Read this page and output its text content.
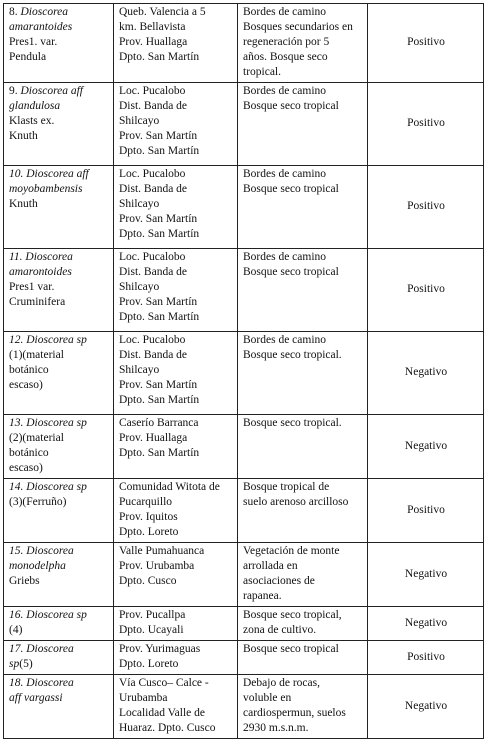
8. Dioscorea
amarantoides
Pres1. var.
Pendula	Queb. Valencia a 5
km. Bellavista
Prov. Huallaga
Dpto. San Martín	Bordes de camino
Bosques secundarios en
regeneración por 5
años. Bosque seco
tropical.	Positivo

9. Dioscorea aff
glandulosa
Klasts ex.
Knuth	Loc. Pucalobo
Dist. Banda de
Shilcayo
Prov. San Martín
Dpto. San Martín	Bordes de camino
Bosque seco tropical	Positivo

10. Dioscorea aff
moyobambensis
Knuth	Loc. Pucalobo
Dist. Banda de
Shilcayo
Prov. San Martín
Dpto. San Martín	Bordes de camino
Bosque seco tropical	Positivo

11. Dioscorea
amarontoides
Pres1 var.
Cruminifera	Loc. Pucalobo
Dist. Banda de
Shilcayo
Prov. San Martín
Dpto. San Martín	Bordes de camino
Bosque seco tropical	Positivo

12. Dioscorea sp
(1)(material
botánico
escaso)	Loc. Pucalobo
Dist. Banda de
Shilcayo
Prov. San Martín
Dpto. San Martín	Bordes de camino
Bosque seco tropical.	Negativo

13. Dioscorea sp
(2)(material
botánico
escaso)	Caserío Barranca
Prov. Huallaga
Dpto. San Martín	Bosque seco tropical.	Negativo

14. Dioscorea sp
(3)(Ferruño)	Comunidad Witota de
Pucarquillo
Prov. Iquitos
Dpto. Loreto	Bosque tropical de
suelo arenoso arcilloso	Positivo

15. Dioscorea
monodelpha
Griebs	Valle Pumahuanca
Prov. Urubamba
Dpto. Cusco	Vegetación de monte
arrollada en
asociaciones de
rapanea.	Negativo

16. Dioscorea sp
(4)	Prov. Pucallpa
Dpto. Ucayali	Bosque seco tropical,
zona de cultivo.	Negativo

17. Dioscorea
sp(5)	Prov. Yurimaguas
Dpto. Loreto	Bosque seco tropical	Positivo

18. Dioscorea
aff vargassi	Vía Cusco– Calce -
Urubamba
Localidad Valle de
Huaraz. Dpto. Cusco	Debajo de rocas,
voluble en
cardiospermun, suelos
2930 m.s.n.m.	Negativo
